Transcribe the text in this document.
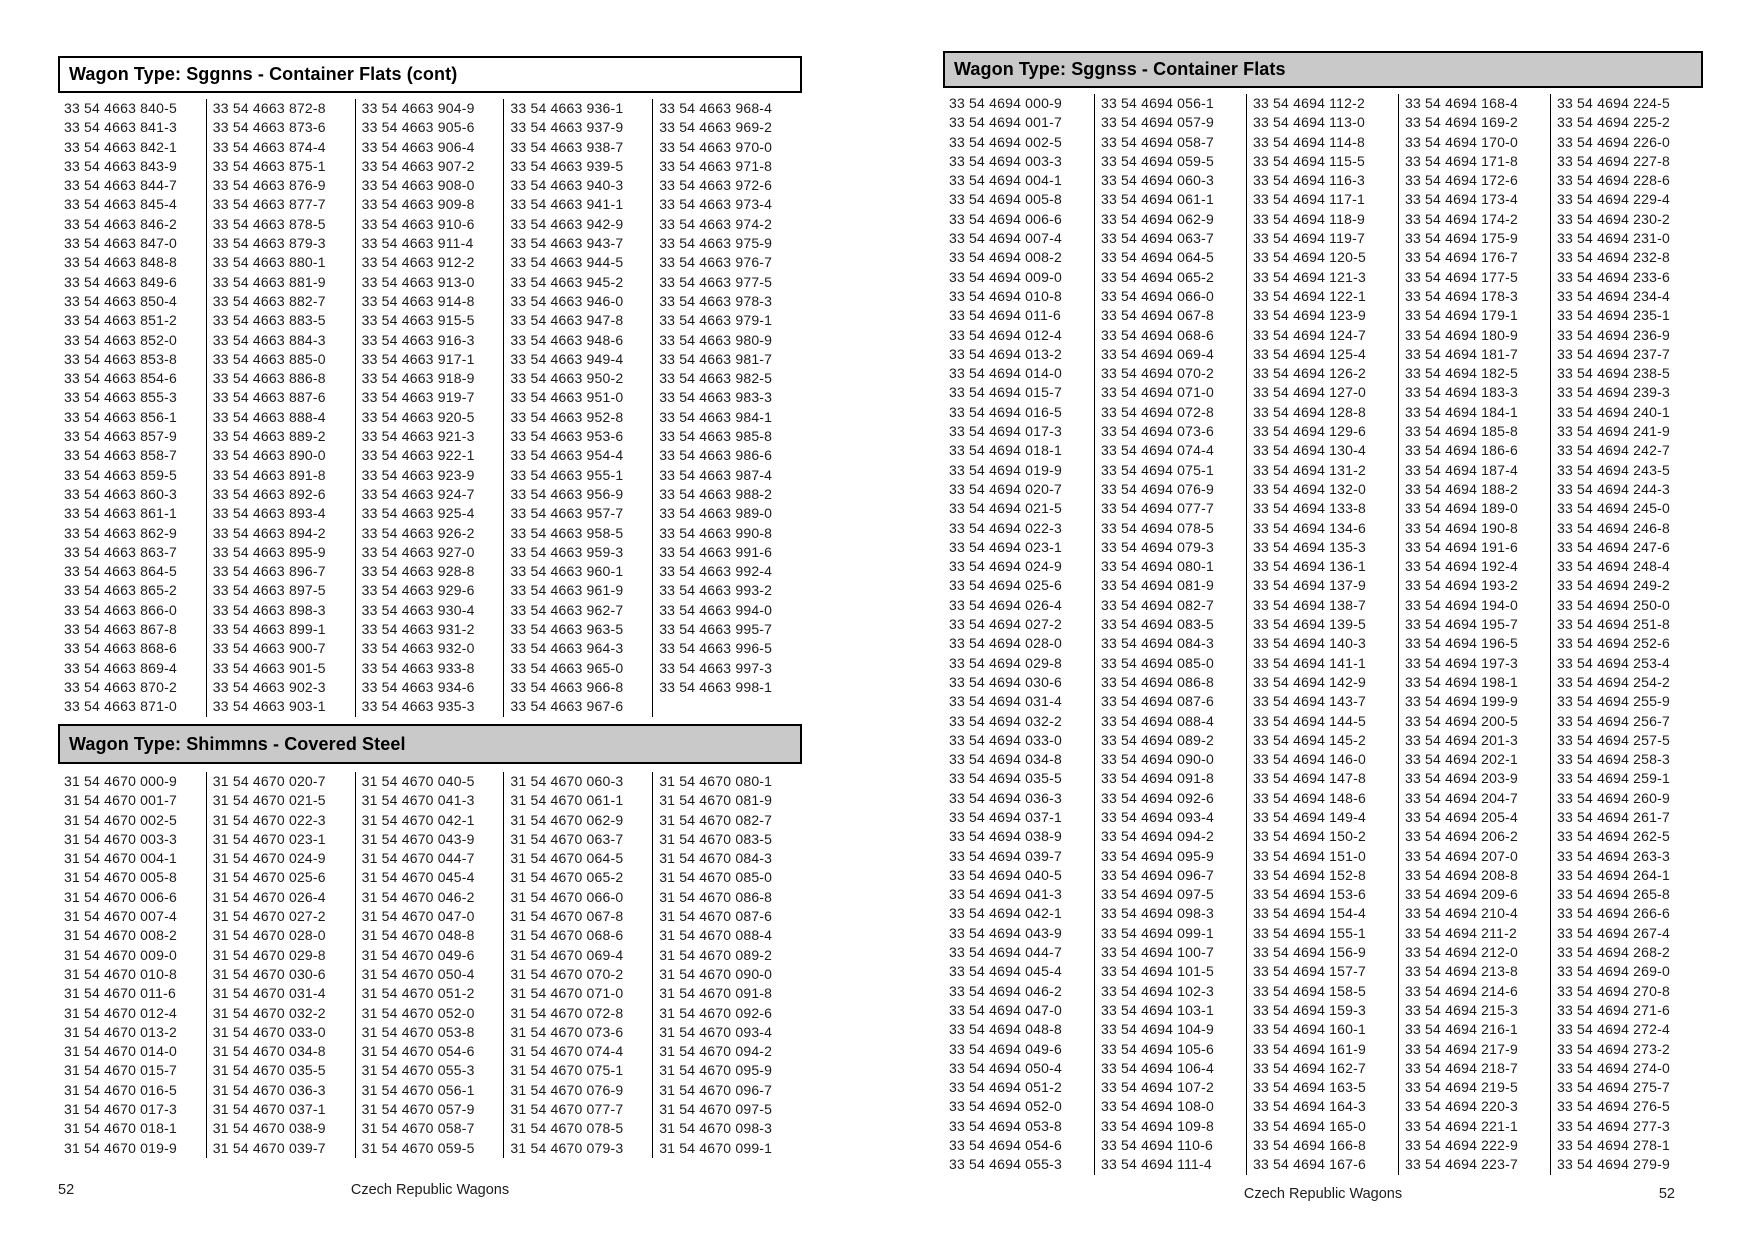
Wagon Type: Sggnns - Container Flats (cont)
33 54 4663 840-5
33 54 4663 841-3
33 54 4663 842-1
33 54 4663 843-9
33 54 4663 844-7
33 54 4663 845-4
33 54 4663 846-2
33 54 4663 847-0
33 54 4663 848-8
33 54 4663 849-6
33 54 4663 850-4
33 54 4663 851-2
33 54 4663 852-0
33 54 4663 853-8
33 54 4663 854-6
33 54 4663 855-3
33 54 4663 856-1
33 54 4663 857-9
33 54 4663 858-7
33 54 4663 859-5
33 54 4663 860-3
33 54 4663 861-1
33 54 4663 862-9
33 54 4663 863-7
33 54 4663 864-5
33 54 4663 865-2
33 54 4663 866-0
33 54 4663 867-8
33 54 4663 868-6
33 54 4663 869-4
33 54 4663 870-2
33 54 4663 871-0
33 54 4663 872-8
33 54 4663 873-6
33 54 4663 874-4
33 54 4663 875-1
33 54 4663 876-9
33 54 4663 877-7
33 54 4663 878-5
33 54 4663 879-3
33 54 4663 880-1
33 54 4663 881-9
33 54 4663 882-7
33 54 4663 883-5
33 54 4663 884-3
33 54 4663 885-0
33 54 4663 886-8
33 54 4663 887-6
33 54 4663 888-4
33 54 4663 889-2
33 54 4663 890-0
33 54 4663 891-8
33 54 4663 892-6
33 54 4663 893-4
33 54 4663 894-2
33 54 4663 895-9
33 54 4663 896-7
33 54 4663 897-5
33 54 4663 898-3
33 54 4663 899-1
33 54 4663 900-7
33 54 4663 901-5
33 54 4663 902-3
33 54 4663 903-1
33 54 4663 904-9
33 54 4663 905-6
33 54 4663 906-4
33 54 4663 907-2
33 54 4663 908-0
33 54 4663 909-8
33 54 4663 910-6
33 54 4663 911-4
33 54 4663 912-2
33 54 4663 913-0
33 54 4663 914-8
33 54 4663 915-5
33 54 4663 916-3
33 54 4663 917-1
33 54 4663 918-9
33 54 4663 919-7
33 54 4663 920-5
33 54 4663 921-3
33 54 4663 922-1
33 54 4663 923-9
33 54 4663 924-7
33 54 4663 925-4
33 54 4663 926-2
33 54 4663 927-0
33 54 4663 928-8
33 54 4663 929-6
33 54 4663 930-4
33 54 4663 931-2
33 54 4663 932-0
33 54 4663 933-8
33 54 4663 934-6
33 54 4663 935-3
33 54 4663 936-1
33 54 4663 937-9
33 54 4663 938-7
33 54 4663 939-5
33 54 4663 940-3
33 54 4663 941-1
33 54 4663 942-9
33 54 4663 943-7
33 54 4663 944-5
33 54 4663 945-2
33 54 4663 946-0
33 54 4663 947-8
33 54 4663 948-6
33 54 4663 949-4
33 54 4663 950-2
33 54 4663 951-0
33 54 4663 952-8
33 54 4663 953-6
33 54 4663 954-4
33 54 4663 955-1
33 54 4663 956-9
33 54 4663 957-7
33 54 4663 958-5
33 54 4663 959-3
33 54 4663 960-1
33 54 4663 961-9
33 54 4663 962-7
33 54 4663 963-5
33 54 4663 964-3
33 54 4663 965-0
33 54 4663 966-8
33 54 4663 967-6
33 54 4663 968-4
33 54 4663 969-2
33 54 4663 970-0
33 54 4663 971-8
33 54 4663 972-6
33 54 4663 973-4
33 54 4663 974-2
33 54 4663 975-9
33 54 4663 976-7
33 54 4663 977-5
33 54 4663 978-3
33 54 4663 979-1
33 54 4663 980-9
33 54 4663 981-7
33 54 4663 982-5
33 54 4663 983-3
33 54 4663 984-1
33 54 4663 985-8
33 54 4663 986-6
33 54 4663 987-4
33 54 4663 988-2
33 54 4663 989-0
33 54 4663 990-8
33 54 4663 991-6
33 54 4663 992-4
33 54 4663 993-2
33 54 4663 994-0
33 54 4663 995-7
33 54 4663 996-5
33 54 4663 997-3
33 54 4663 998-1
Wagon Type: Shimmns - Covered Steel
31 54 4670 000-9
31 54 4670 001-7
31 54 4670 002-5
31 54 4670 003-3
31 54 4670 004-1
31 54 4670 005-8
31 54 4670 006-6
31 54 4670 007-4
31 54 4670 008-2
31 54 4670 009-0
31 54 4670 010-8
31 54 4670 011-6
31 54 4670 012-4
31 54 4670 013-2
31 54 4670 014-0
31 54 4670 015-7
31 54 4670 016-5
31 54 4670 017-3
31 54 4670 018-1
31 54 4670 019-9
31 54 4670 020-7
31 54 4670 021-5
31 54 4670 022-3
31 54 4670 023-1
31 54 4670 024-9
31 54 4670 025-6
31 54 4670 026-4
31 54 4670 027-2
31 54 4670 028-0
31 54 4670 029-8
31 54 4670 030-6
31 54 4670 031-4
31 54 4670 032-2
31 54 4670 033-0
31 54 4670 034-8
31 54 4670 035-5
31 54 4670 036-3
31 54 4670 037-1
31 54 4670 038-9
31 54 4670 039-7
31 54 4670 040-5
31 54 4670 041-3
31 54 4670 042-1
31 54 4670 043-9
31 54 4670 044-7
31 54 4670 045-4
31 54 4670 046-2
31 54 4670 047-0
31 54 4670 048-8
31 54 4670 049-6
31 54 4670 050-4
31 54 4670 051-2
31 54 4670 052-0
31 54 4670 053-8
31 54 4670 054-6
31 54 4670 055-3
31 54 4670 056-1
31 54 4670 057-9
31 54 4670 058-7
31 54 4670 059-5
31 54 4670 060-3
31 54 4670 061-1
31 54 4670 062-9
31 54 4670 063-7
31 54 4670 064-5
31 54 4670 065-2
31 54 4670 066-0
31 54 4670 067-8
31 54 4670 068-6
31 54 4670 069-4
31 54 4670 070-2
31 54 4670 071-0
31 54 4670 072-8
31 54 4670 073-6
31 54 4670 074-4
31 54 4670 075-1
31 54 4670 076-9
31 54 4670 077-7
31 54 4670 078-5
31 54 4670 079-3
31 54 4670 080-1
31 54 4670 081-9
31 54 4670 082-7
31 54 4670 083-5
31 54 4670 084-3
31 54 4670 085-0
31 54 4670 086-8
31 54 4670 087-6
31 54 4670 088-4
31 54 4670 089-2
31 54 4670 090-0
31 54 4670 091-8
31 54 4670 092-6
31 54 4670 093-4
31 54 4670 094-2
31 54 4670 095-9
31 54 4670 096-7
31 54 4670 097-5
31 54 4670 098-3
31 54 4670 099-1
52	Czech Republic Wagons
Wagon Type: Sggnss - Container Flats
33 54 4694 000-9
33 54 4694 001-7
33 54 4694 002-5
33 54 4694 003-3
33 54 4694 004-1
33 54 4694 005-8
33 54 4694 006-6
33 54 4694 007-4
33 54 4694 008-2
33 54 4694 009-0
33 54 4694 010-8
33 54 4694 011-6
33 54 4694 012-4
33 54 4694 013-2
33 54 4694 014-0
33 54 4694 015-7
33 54 4694 016-5
33 54 4694 017-3
33 54 4694 018-1
33 54 4694 019-9
33 54 4694 020-7
33 54 4694 021-5
33 54 4694 022-3
33 54 4694 023-1
33 54 4694 024-9
33 54 4694 025-6
33 54 4694 026-4
33 54 4694 027-2
33 54 4694 028-0
33 54 4694 029-8
33 54 4694 030-6
33 54 4694 031-4
33 54 4694 032-2
33 54 4694 033-0
33 54 4694 034-8
33 54 4694 035-5
33 54 4694 036-3
33 54 4694 037-1
33 54 4694 038-9
33 54 4694 039-7
33 54 4694 040-5
33 54 4694 041-3
33 54 4694 042-1
33 54 4694 043-9
33 54 4694 044-7
33 54 4694 045-4
33 54 4694 046-2
33 54 4694 047-0
33 54 4694 048-8
33 54 4694 049-6
33 54 4694 050-4
33 54 4694 051-2
33 54 4694 052-0
33 54 4694 053-8
33 54 4694 054-6
33 54 4694 055-3
33 54 4694 056-1
33 54 4694 057-9
33 54 4694 058-7
33 54 4694 059-5
33 54 4694 060-3
33 54 4694 061-1
33 54 4694 062-9
33 54 4694 063-7
33 54 4694 064-5
33 54 4694 065-2
33 54 4694 066-0
33 54 4694 067-8
33 54 4694 068-6
33 54 4694 069-4
33 54 4694 070-2
33 54 4694 071-0
33 54 4694 072-8
33 54 4694 073-6
33 54 4694 074-4
33 54 4694 075-1
33 54 4694 076-9
33 54 4694 077-7
33 54 4694 078-5
33 54 4694 079-3
33 54 4694 080-1
33 54 4694 081-9
33 54 4694 082-7
33 54 4694 083-5
33 54 4694 084-3
33 54 4694 085-0
33 54 4694 086-8
33 54 4694 087-6
33 54 4694 088-4
33 54 4694 089-2
33 54 4694 090-0
33 54 4694 091-8
33 54 4694 092-6
33 54 4694 093-4
33 54 4694 094-2
33 54 4694 095-9
33 54 4694 096-7
33 54 4694 097-5
33 54 4694 098-3
33 54 4694 099-1
33 54 4694 100-7
33 54 4694 101-5
33 54 4694 102-3
33 54 4694 103-1
33 54 4694 104-9
33 54 4694 105-6
33 54 4694 106-4
33 54 4694 107-2
33 54 4694 108-0
33 54 4694 109-8
33 54 4694 110-6
33 54 4694 111-4
33 54 4694 112-2
33 54 4694 113-0
33 54 4694 114-8
33 54 4694 115-5
33 54 4694 116-3
33 54 4694 117-1
33 54 4694 118-9
33 54 4694 119-7
33 54 4694 120-5
33 54 4694 121-3
33 54 4694 122-1
33 54 4694 123-9
33 54 4694 124-7
33 54 4694 125-4
33 54 4694 126-2
33 54 4694 127-0
33 54 4694 128-8
33 54 4694 129-6
33 54 4694 130-4
33 54 4694 131-2
33 54 4694 132-0
33 54 4694 133-8
33 54 4694 134-6
33 54 4694 135-3
33 54 4694 136-1
33 54 4694 137-9
33 54 4694 138-7
33 54 4694 139-5
33 54 4694 140-3
33 54 4694 141-1
33 54 4694 142-9
33 54 4694 143-7
33 54 4694 144-5
33 54 4694 145-2
33 54 4694 146-0
33 54 4694 147-8
33 54 4694 148-6
33 54 4694 149-4
33 54 4694 150-2
33 54 4694 151-0
33 54 4694 152-8
33 54 4694 153-6
33 54 4694 154-4
33 54 4694 155-1
33 54 4694 156-9
33 54 4694 157-7
33 54 4694 158-5
33 54 4694 159-3
33 54 4694 160-1
33 54 4694 161-9
33 54 4694 162-7
33 54 4694 163-5
33 54 4694 164-3
33 54 4694 165-0
33 54 4694 166-8
33 54 4694 167-6
33 54 4694 168-4
33 54 4694 169-2
33 54 4694 170-0
33 54 4694 171-8
33 54 4694 172-6
33 54 4694 173-4
33 54 4694 174-2
33 54 4694 175-9
33 54 4694 176-7
33 54 4694 177-5
33 54 4694 178-3
33 54 4694 179-1
33 54 4694 180-9
33 54 4694 181-7
33 54 4694 182-5
33 54 4694 183-3
33 54 4694 184-1
33 54 4694 185-8
33 54 4694 186-6
33 54 4694 187-4
33 54 4694 188-2
33 54 4694 189-0
33 54 4694 190-8
33 54 4694 191-6
33 54 4694 192-4
33 54 4694 193-2
33 54 4694 194-0
33 54 4694 195-7
33 54 4694 196-5
33 54 4694 197-3
33 54 4694 198-1
33 54 4694 199-9
33 54 4694 200-5
33 54 4694 201-3
33 54 4694 202-1
33 54 4694 203-9
33 54 4694 204-7
33 54 4694 205-4
33 54 4694 206-2
33 54 4694 207-0
33 54 4694 208-8
33 54 4694 209-6
33 54 4694 210-4
33 54 4694 211-2
33 54 4694 212-0
33 54 4694 213-8
33 54 4694 214-6
33 54 4694 215-3
33 54 4694 216-1
33 54 4694 217-9
33 54 4694 218-7
33 54 4694 219-5
33 54 4694 220-3
33 54 4694 221-1
33 54 4694 222-9
33 54 4694 223-7
33 54 4694 224-5
33 54 4694 225-2
33 54 4694 226-0
33 54 4694 227-8
33 54 4694 228-6
33 54 4694 229-4
33 54 4694 230-2
33 54 4694 231-0
33 54 4694 232-8
33 54 4694 233-6
33 54 4694 234-4
33 54 4694 235-1
33 54 4694 236-9
33 54 4694 237-7
33 54 4694 238-5
33 54 4694 239-3
33 54 4694 240-1
33 54 4694 241-9
33 54 4694 242-7
33 54 4694 243-5
33 54 4694 244-3
33 54 4694 245-0
33 54 4694 246-8
33 54 4694 247-6
33 54 4694 248-4
33 54 4694 249-2
33 54 4694 250-0
33 54 4694 251-8
33 54 4694 252-6
33 54 4694 253-4
33 54 4694 254-2
33 54 4694 255-9
33 54 4694 256-7
33 54 4694 257-5
33 54 4694 258-3
33 54 4694 259-1
33 54 4694 260-9
33 54 4694 261-7
33 54 4694 262-5
33 54 4694 263-3
33 54 4694 264-1
33 54 4694 265-8
33 54 4694 266-6
33 54 4694 267-4
33 54 4694 268-2
33 54 4694 269-0
33 54 4694 270-8
33 54 4694 271-6
33 54 4694 272-4
33 54 4694 273-2
33 54 4694 274-0
33 54 4694 275-7
33 54 4694 276-5
33 54 4694 277-3
33 54 4694 278-1
33 54 4694 279-9
Czech Republic Wagons	52
